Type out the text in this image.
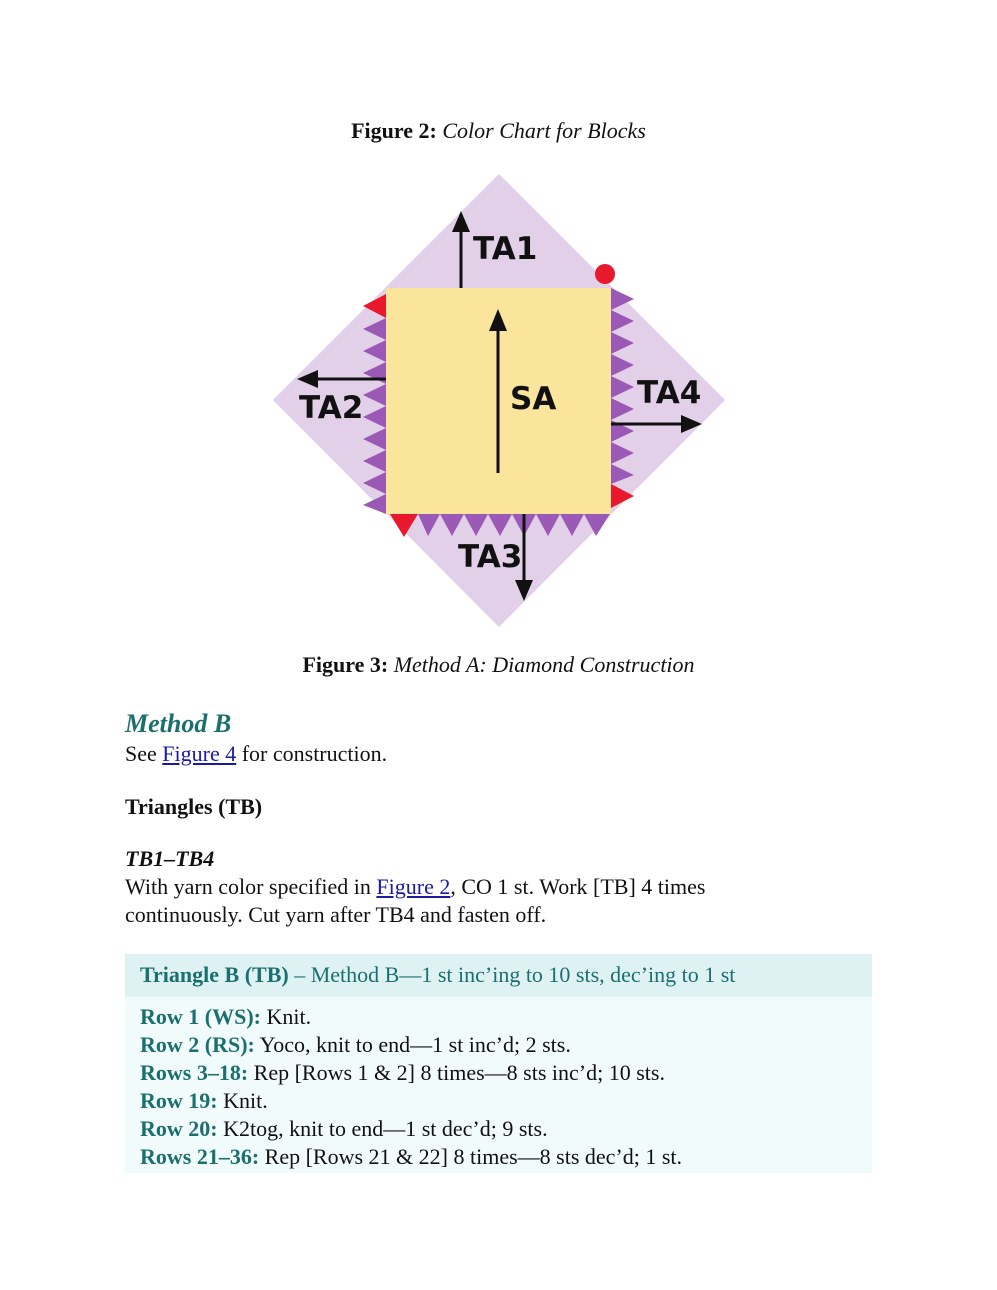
Figure 2: Color Chart for Blocks
TA1
TA2
TA3
TA4
SA
Figure 3: Method A: Diamond Construction
Method B
See Figure 4 for construction.
Triangles (TB)
TB1–TB4
With yarn color specified in Figure 2, CO 1 st. Work [TB] 4 times
continuously. Cut yarn after TB4 and fasten off.
Triangle B (TB) – Method B—1 st inc’ing to 10 sts, dec’ing to 1 st
Row 1 (WS): Knit.
Row 2 (RS): Yoco, knit to end—1 st inc’d; 2 sts.
Rows 3–18: Rep [Rows 1 & 2] 8 times—8 sts inc’d; 10 sts.
Row 19: Knit.
Row 20: K2tog, knit to end—1 st dec’d; 9 sts.
Rows 21–36: Rep [Rows 21 & 22] 8 times—8 sts dec’d; 1 st.
